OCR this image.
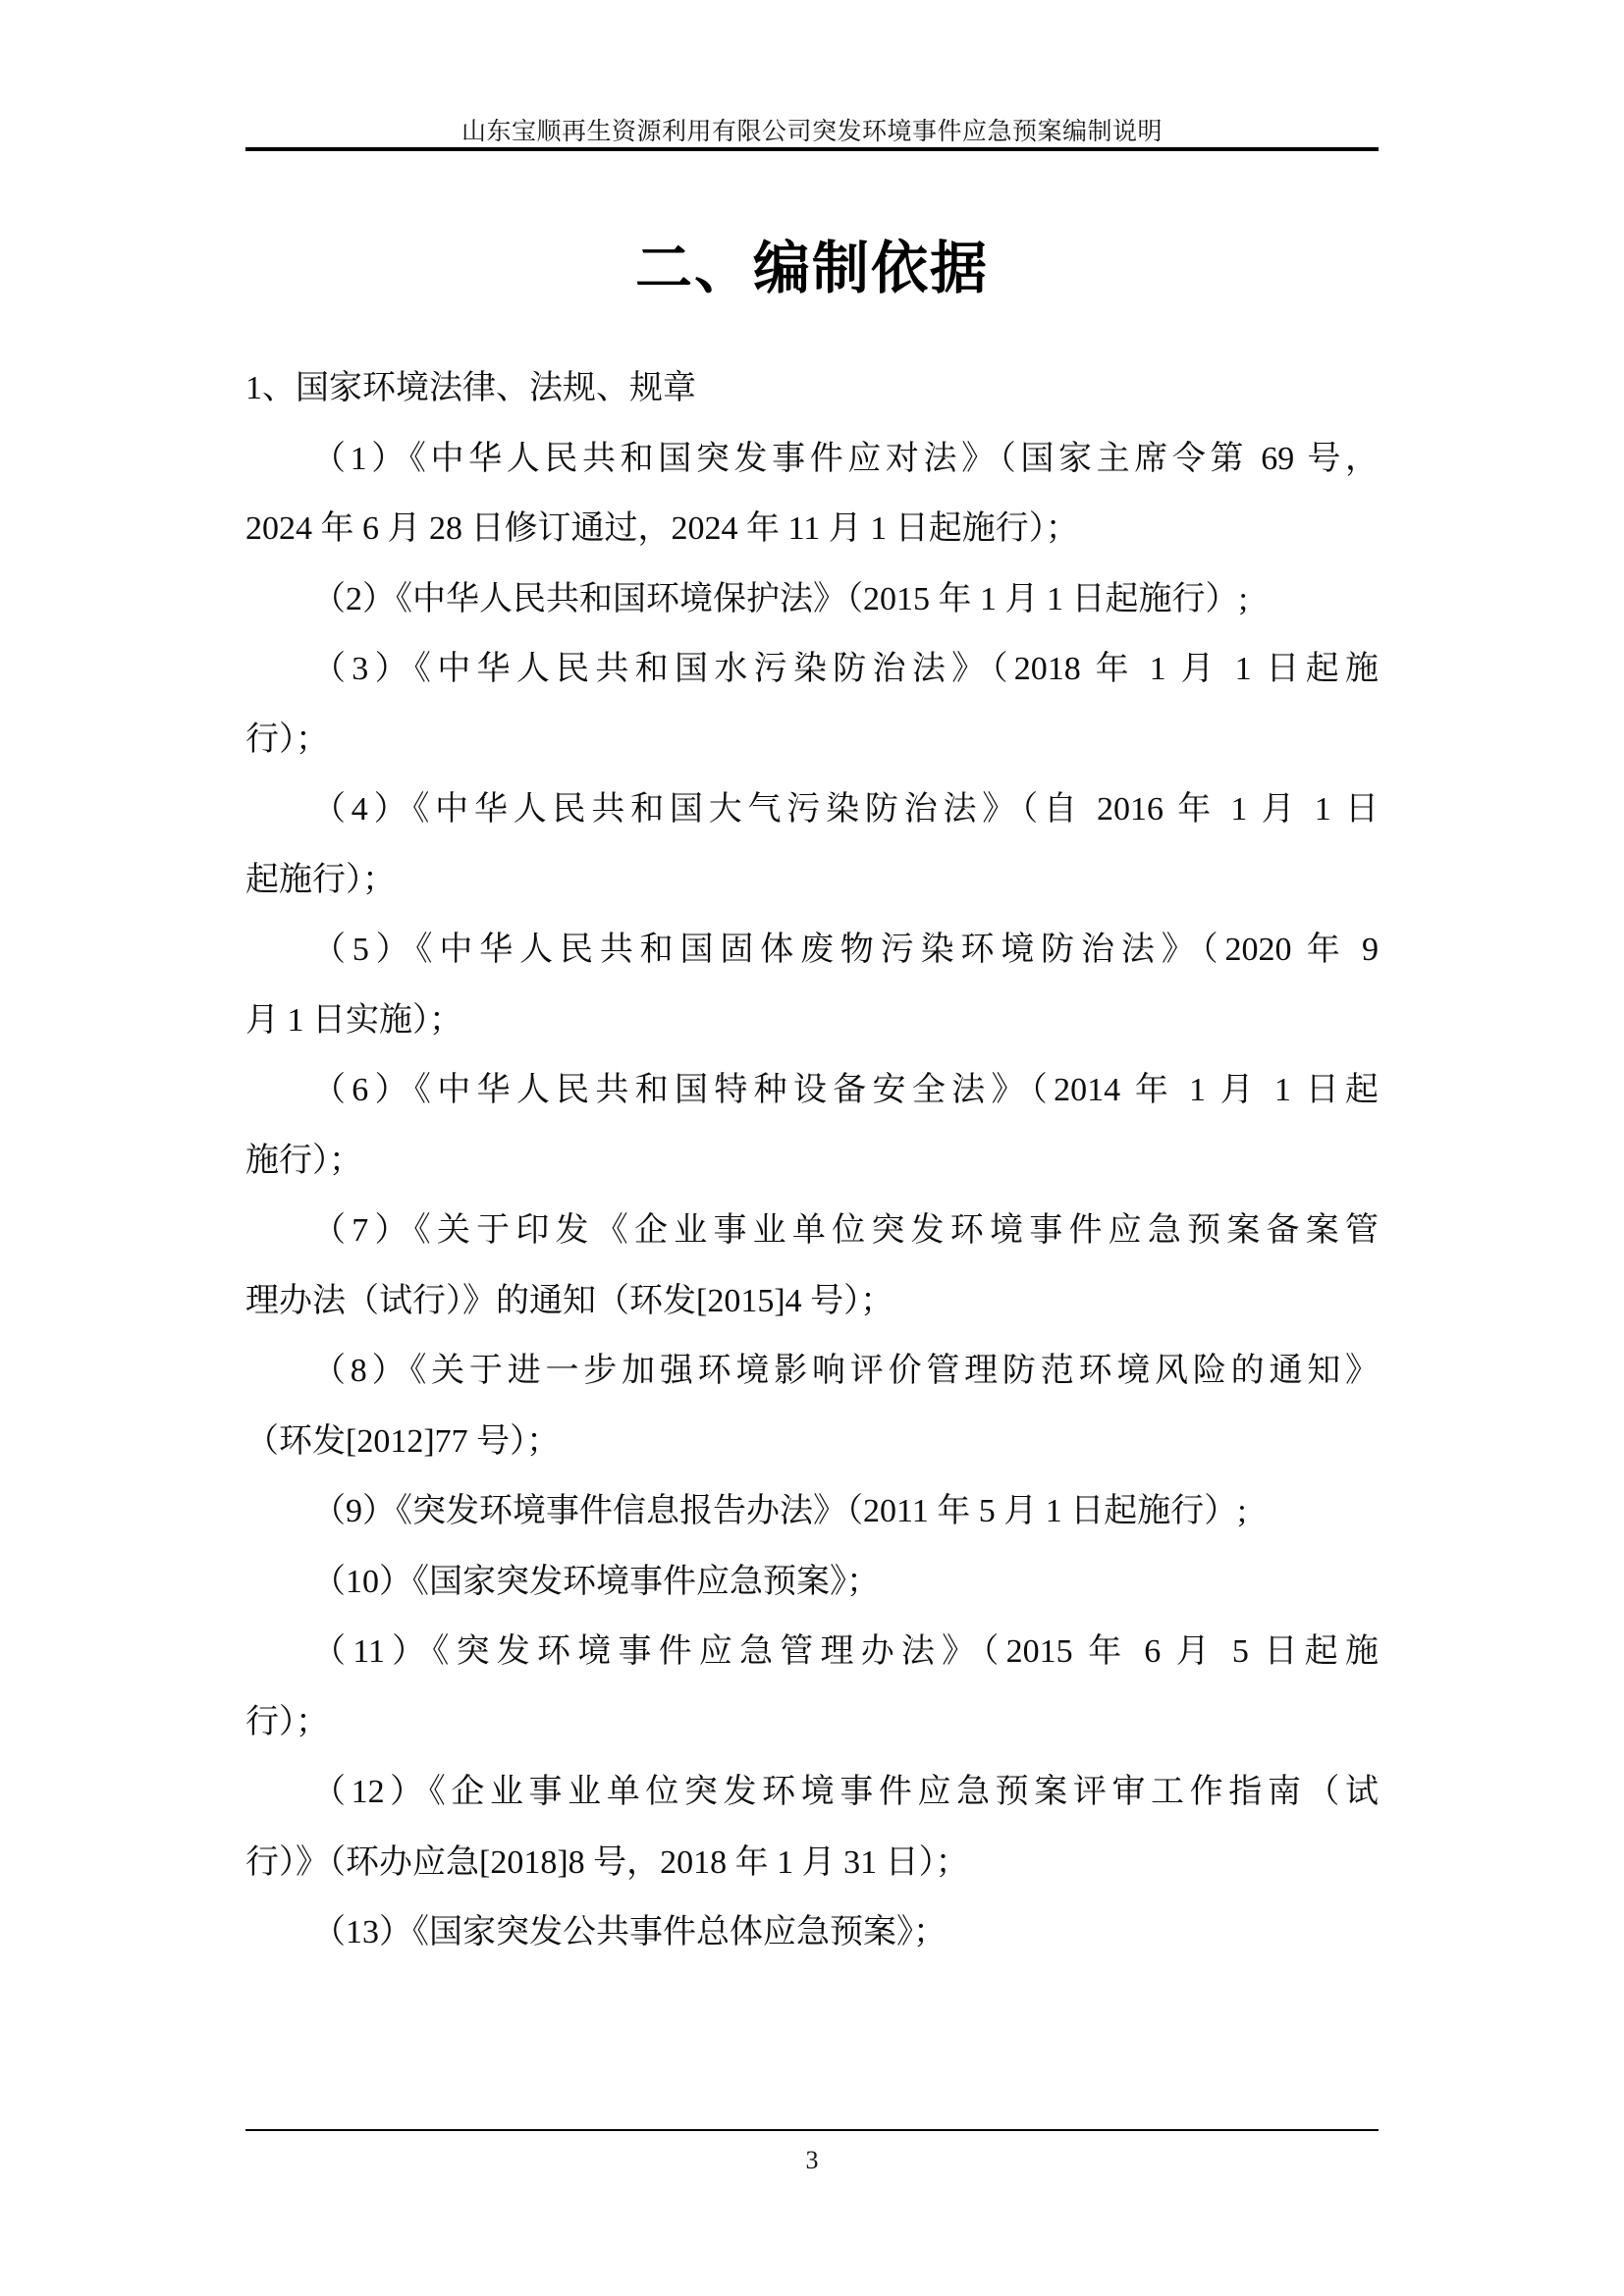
山东宝顺再生资源利用有限公司突发环境事件应急预案编制说明
二、编制依据
1、国家环境法律、法规、规章
（1）《中华人民共和国突发事件应对法》（国家主席令第 69 号，
2024 年 6 月 28 日修订通过，2024 年 11 月 1 日起施行）；
（2）《中华人民共和国环境保护法》（2015 年 1 月 1 日起施行）;
（3）《中华人民共和国水污染防治法》（2018 年 1 月 1 日起施
行）；
（4）《中华人民共和国大气污染防治法》（自 2016 年 1 月 1 日
起施行）；
（5）《中华人民共和国固体废物污染环境防治法》（2020 年 9
月 1 日实施）；
（6）《中华人民共和国特种设备安全法》（2014 年 1 月 1 日起
施行）；
（7）《关于印发《企业事业单位突发环境事件应急预案备案管
理办法（试行）》的通知（环发[2015]4 号）；
（8）《关于进一步加强环境影响评价管理防范环境风险的通知》
（环发[2012]77 号）；
（9）《突发环境事件信息报告办法》（2011 年 5 月 1 日起施行）;
（10）《国家突发环境事件应急预案》；
（11）《突发环境事件应急管理办法》（2015 年 6 月 5 日起施
行）；
（12）《企业事业单位突发环境事件应急预案评审工作指南（试
行）》（环办应急[2018]8 号，2018 年 1 月 31 日）；
（13）《国家突发公共事件总体应急预案》；
3
